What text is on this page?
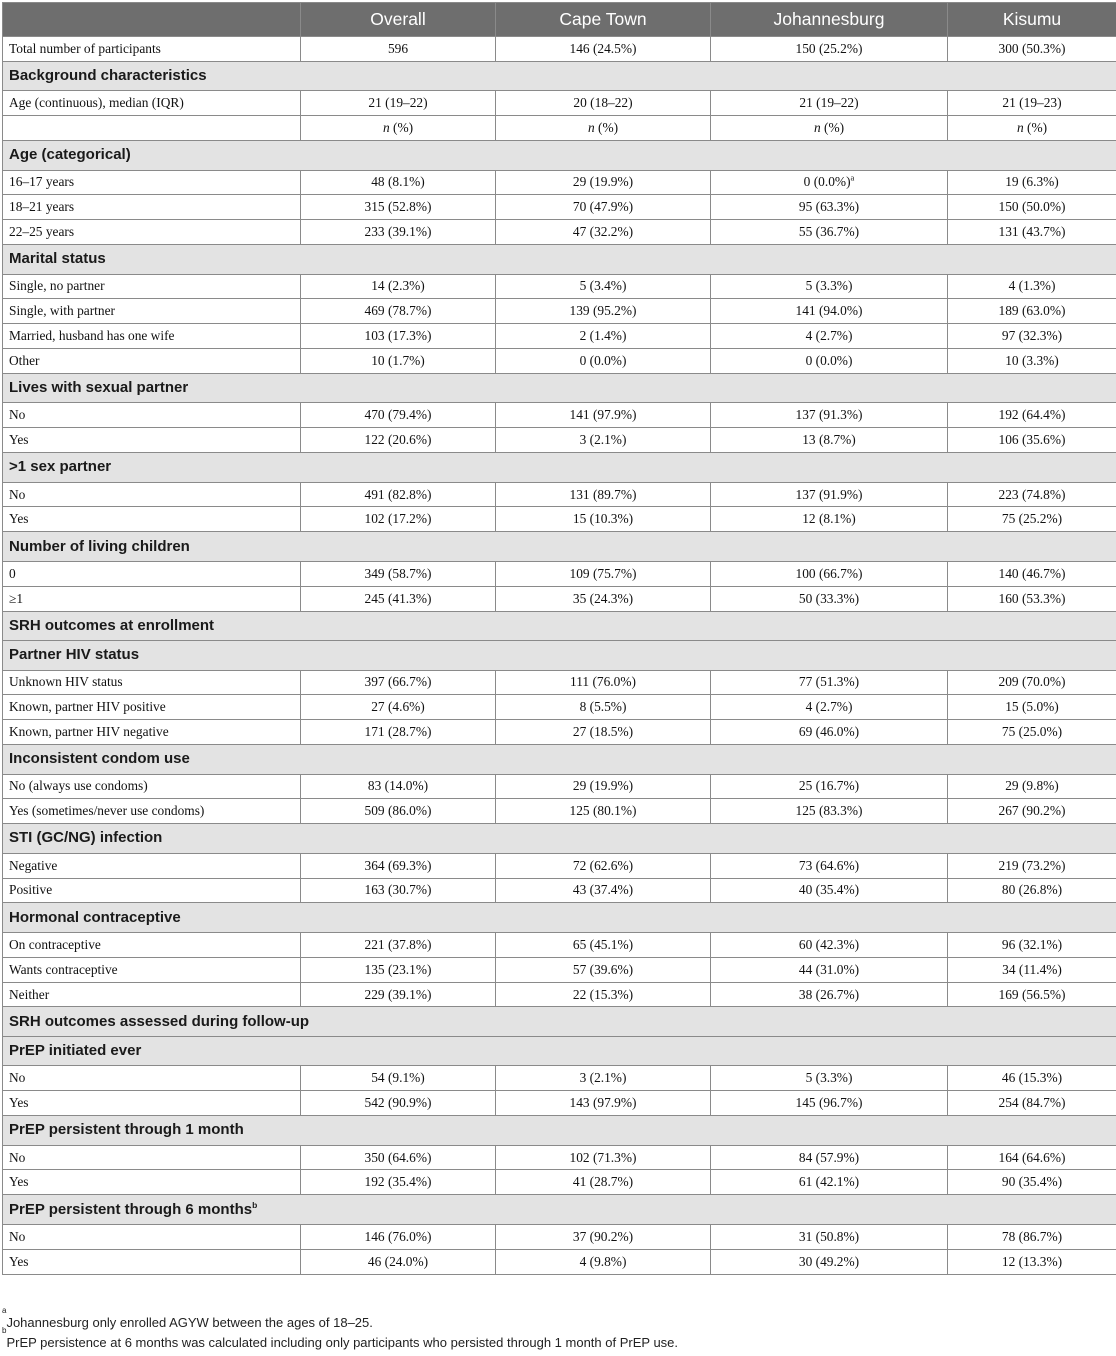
	Overall	Cape Town	Johannesburg	Kisumu
Total number of participants	596	146 (24.5%)	150 (25.2%)	300 (50.3%)
Background characteristics				
Age (continuous), median (IQR)	21 (19–22)	20 (18–22)	21 (19–22)	21 (19–23)
	n (%)	n (%)	n (%)	n (%)
Age (categorical)				
16–17 years	48 (8.1%)	29 (19.9%)	0 $(0.0\%)^a$	19 (6.3%)
18–21 years	315 (52.8%)	70 (47.9%)	95 (63.3%)	150 (50.0%)
22–25 years	233 (39.1%)	47 (32.2%)	55 (36.7%)	131 (43.7%)
Marital status				
Single, no partner	14 (2.3%)	5 (3.4%)	5 (3.3%)	4 (1.3%)
Single, with partner	469 (78.7%)	139 (95.2%)	141 (94.0%)	189 (63.0%)
Married, husband has one wife	103 (17.3%)	2 (1.4%)	4 (2.7%)	97 (32.3%)
Other	10 (1.7%)	0 (0.0%)	0 (0.0%)	10 (3.3%)
Lives with sexual partner				
No	470 (79.4%)	141 (97.9%)	137 (91.3%)	192 (64.4%)
Yes	122 (20.6%)	3 (2.1%)	13 (8.7%)	106 (35.6%)
>1 sex partner				
No	491 (82.8%)	131 (89.7%)	137 (91.9%)	223 (74.8%)
Yes	102 (17.2%)	15 (10.3%)	12 (8.1%)	75 (25.2%)
Number of living children				
0	349 (58.7%)	109 (75.7%)	100 (66.7%)	140 (46.7%)
≥1	245 (41.3%)	35 (24.3%)	50 (33.3%)	160 (53.3%)
SRH outcomes at enrollment				
Partner HIV status				
Unknown HIV status	397 (66.7%)	111 (76.0%)	77 (51.3%)	209 (70.0%)
Known, partner HIV positive	27 (4.6%)	8 (5.5%)	4 (2.7%)	15 (5.0%)
Known, partner HIV negative	171 (28.7%)	27 (18.5%)	69 (46.0%)	75 (25.0%)
Inconsistent condom use				
No (always use condoms)	83 (14.0%)	29 (19.9%)	25 (16.7%)	29 (9.8%)
Yes (sometimes/never use condoms)	509 (86.0%)	125 (80.1%)	125 (83.3%)	267 (90.2%)
STI (GC/NG) infection				
Negative	364 (69.3%)	72 (62.6%)	73 (64.6%)	219 (73.2%)
Positive	163 (30.7%)	43 (37.4%)	40 (35.4%)	80 (26.8%)
Hormonal contraceptive				
On contraceptive	221 (37.8%)	65 (45.1%)	60 (42.3%)	96 (32.1%)
Wants contraceptive	135 (23.1%)	57 (39.6%)	44 (31.0%)	34 (11.4%)
Neither	229 (39.1%)	22 (15.3%)	38 (26.7%)	169 (56.5%)
SRH outcomes assessed during follow-up				
PrEP initiated ever				
No	54 (9.1%)	3 (2.1%)	5 (3.3%)	46 (15.3%)
Yes	542 (90.9%)	143 (97.9%)	145 (96.7%)	254 (84.7%)
PrEP persistent through 1 month				
No	350 (64.6%)	102 (71.3%)	84 (57.9%)	164 (64.6%)
Yes	192 (35.4%)	41 (28.7%)	61 (42.1%)	90 (35.4%)
PrEP persistent through 6 months$^b$
No	146 (76.0%)	37 (90.2%)	31 (50.8%)	78 (86.7%)
Yes	46 (24.0%)	4 (9.8%)	30 (49.2%)	12 (13.3%)
$^a$Johannesburg only enrolled AGYW between the ages of 18–25.
$^b$PrEP persistence at 6 months was calculated including only participants who persisted through 1 month of PrEP use.
